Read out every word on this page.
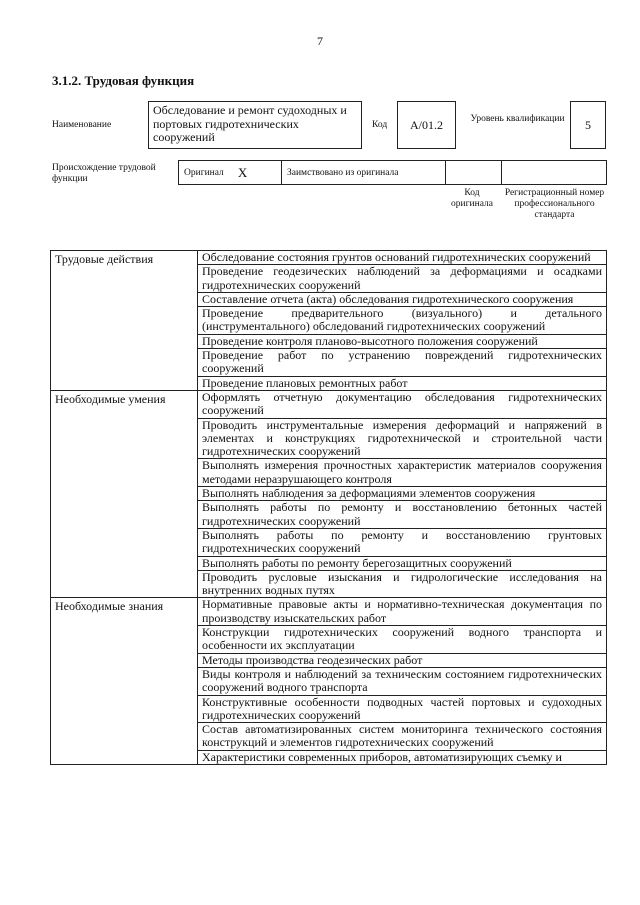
7
3.1.2. Трудовая функция
Наименование
Обследование и ремонт судоходных и портовых гидротехнических сооружений
Код	A/01.2	Уровень квалификации	5
Происхождение трудовой функции
Оригинал X	Заимствовано из оригинала
Код оригинала
Регистрационный номер профессионального стандарта
Трудовые действия	Обследование состояния грунтов оснований гидротехнических сооружений
	Проведение геодезических наблюдений за деформациями и осадками гидротехнических сооружений
	Составление отчета (акта) обследования гидротехнического сооружения
	Проведение предварительного (визуального) и детального (инструментального) обследований гидротехнических сооружений
	Проведение контроля планово-высотного положения сооружений
	Проведение работ по устранению повреждений гидротехнических сооружений
	Проведение плановых ремонтных работ
Необходимые умения	Оформлять отчетную документацию обследования гидротехнических сооружений
	Проводить инструментальные измерения деформаций и напряжений в элементах и конструкциях гидротехнической и строительной части гидротехнических сооружений
	Выполнять измерения прочностных характеристик материалов сооружения методами неразрушающего контроля
	Выполнять наблюдения за деформациями элементов сооружения
	Выполнять работы по ремонту и восстановлению бетонных частей гидротехнических сооружений
	Выполнять работы по ремонту и восстановлению грунтовых гидротехнических сооружений
	Выполнять работы по ремонту берегозащитных сооружений
	Проводить русловые изыскания и гидрологические исследования на внутренних водных путях
Необходимые знания	Нормативные правовые акты и нормативно-техническая документация по производству изыскательских работ
	Конструкции гидротехнических сооружений водного транспорта и особенности их эксплуатации
	Методы производства геодезических работ
	Виды контроля и наблюдений за техническим состоянием гидротехнических сооружений водного транспорта
	Конструктивные особенности подводных частей портовых и судоходных гидротехнических сооружений
	Состав автоматизированных систем мониторинга технического состояния конструкций и элементов гидротехнических сооружений
	Характеристики современных приборов, автоматизирующих съемку и
